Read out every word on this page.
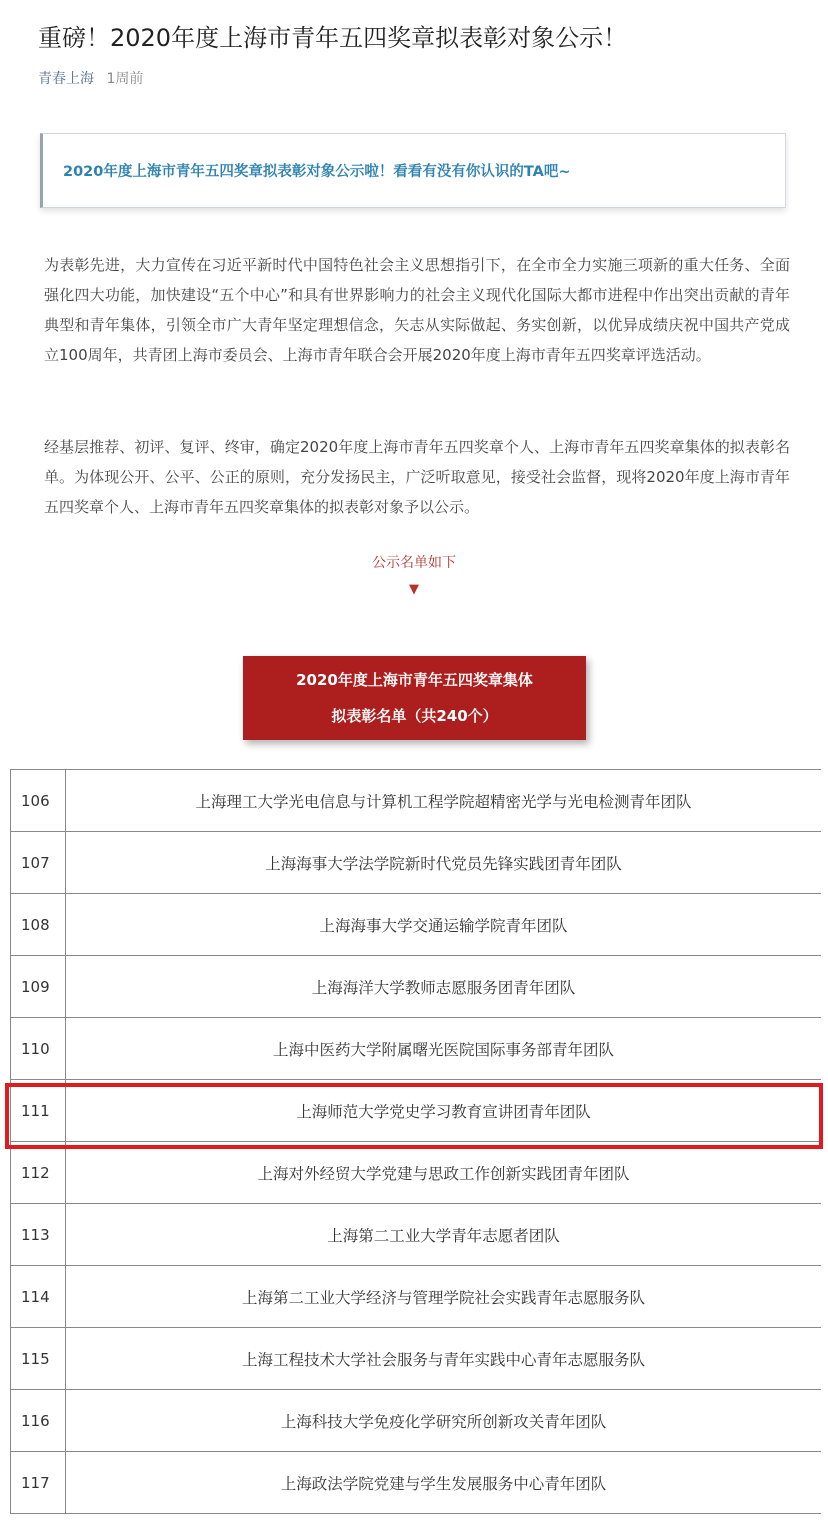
重磅！2020年度上海市青年五四奖章拟表彰对象公示！
青春上海 1周前
2020年度上海市青年五四奖章拟表彰对象公示啦！看看有没有你认识的TA吧~
为表彰先进，大力宣传在习近平新时代中国特色社会主义思想指引下，在全市全力实施三项新的重大任务、全面强化四大功能，加快建设“五个中心”和具有世界影响力的社会主义现代化国际大都市进程中作出突出贡献的青年典型和青年集体，引领全市广大青年坚定理想信念，矢志从实际做起、务实创新，以优异成绩庆祝中国共产党成立100周年，共青团上海市委员会、上海市青年联合会开展2020年度上海市青年五四奖章评选活动。
经基层推荐、初评、复评、终审，确定2020年度上海市青年五四奖章个人、上海市青年五四奖章集体的拟表彰名单。为体现公开、公平、公正的原则，充分发扬民主，广泛听取意见，接受社会监督，现将2020年度上海市青年五四奖章个人、上海市青年五四奖章集体的拟表彰对象予以公示。
公示名单如下
▼
2020年度上海市青年五四奖章集体
拟表彰名单（共240个）
106	上海理工大学光电信息与计算机工程学院超精密光学与光电检测青年团队
107	上海海事大学法学院新时代党员先锋实践团青年团队
108	上海海事大学交通运输学院青年团队
109	上海海洋大学教师志愿服务团青年团队
110	上海中医药大学附属曙光医院国际事务部青年团队
111	上海师范大学党史学习教育宣讲团青年团队
112	上海对外经贸大学党建与思政工作创新实践团青年团队
113	上海第二工业大学青年志愿者团队
114	上海第二工业大学经济与管理学院社会实践青年志愿服务队
115	上海工程技术大学社会服务与青年实践中心青年志愿服务队
116	上海科技大学免疫化学研究所创新攻关青年团队
117	上海政法学院党建与学生发展服务中心青年团队
